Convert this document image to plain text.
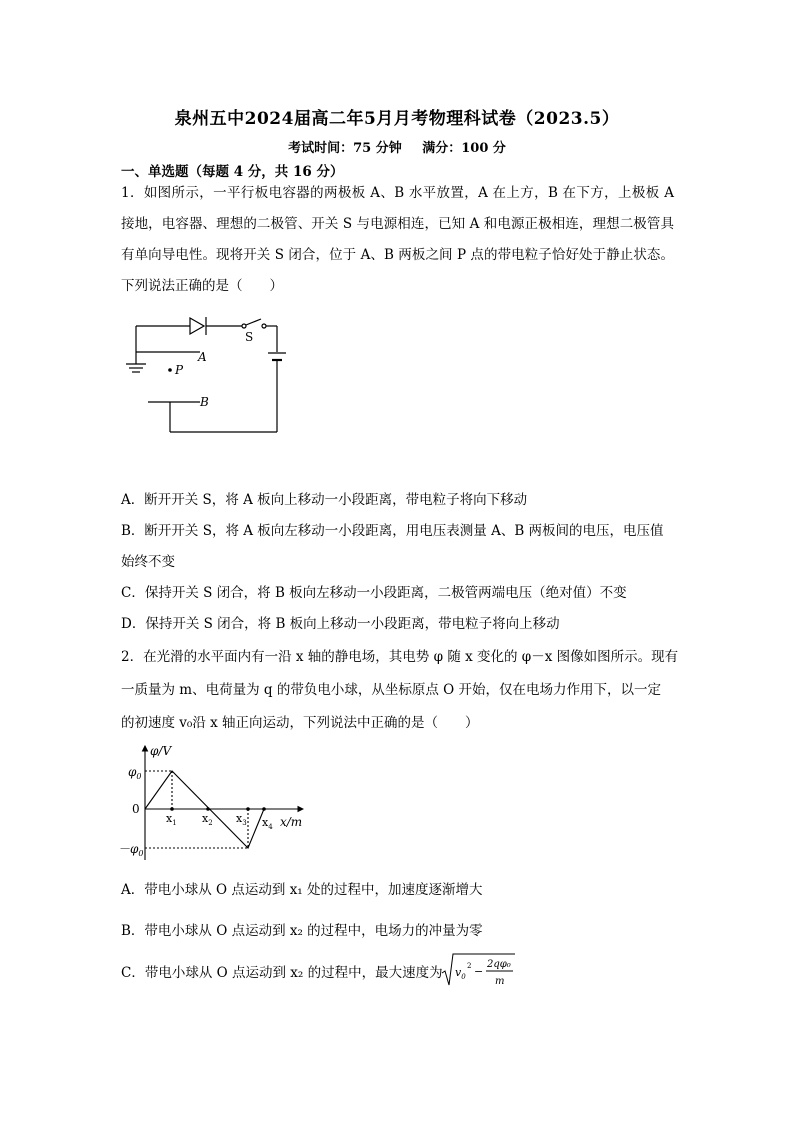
泉州五中2024届高二年5月月考物理科试卷（2023.5）
考试时间：75 分钟 满分：100 分
一、单选题（每题 4 分，共 16 分）
1．如图所示，一平行板电容器的两极板 A、B 水平放置，A 在上方，B 在下方，上极板 A 接地，电容器、理想的二极管、开关 S 与电源相连，已知 A 和电源正极相连，理想二极管具有单向导电性。现将开关 S 闭合，位于 A、B 两板之间 P 点的带电粒子恰好处于静止状态。下列说法正确的是（　　）
S
A
P
B
A．断开开关 S，将 A 板向上移动一小段距离，带电粒子将向下移动
B．断开开关 S，将 A 板向左移动一小段距离，用电压表测量 A、B 两板间的电压，电压值
始终不变
C．保持开关 S 闭合，将 B 板向左移动一小段距离，二极管两端电压（绝对值）不变
D．保持开关 S 闭合，将 B 板向上移动一小段距离，带电粒子将向上移动
2．在光滑的水平面内有一沿 x 轴的静电场，其电势 φ 随 x 变化的 φ－x 图像如图所示。现有
一质量为 m、电荷量为 q 的带负电小球，从坐标原点 O 开始，仅在电场力作用下，以一定
的初速度 v₀沿 x 轴正向运动，下列说法中正确的是（　　）
φ/V
$\varphi_0$
0
$-\varphi_0$
$x_1$ $x_2$ $x_3$ $x_4$ x/m
A．带电小球从 O 点运动到 x₁ 处的过程中，加速度逐渐增大
B．带电小球从 O 点运动到 x₂ 的过程中，电场力的冲量为零
C．带电小球从 O 点运动到 x₂ 的过程中，最大速度为 $v_0$
2 −
2qφ₀
m
